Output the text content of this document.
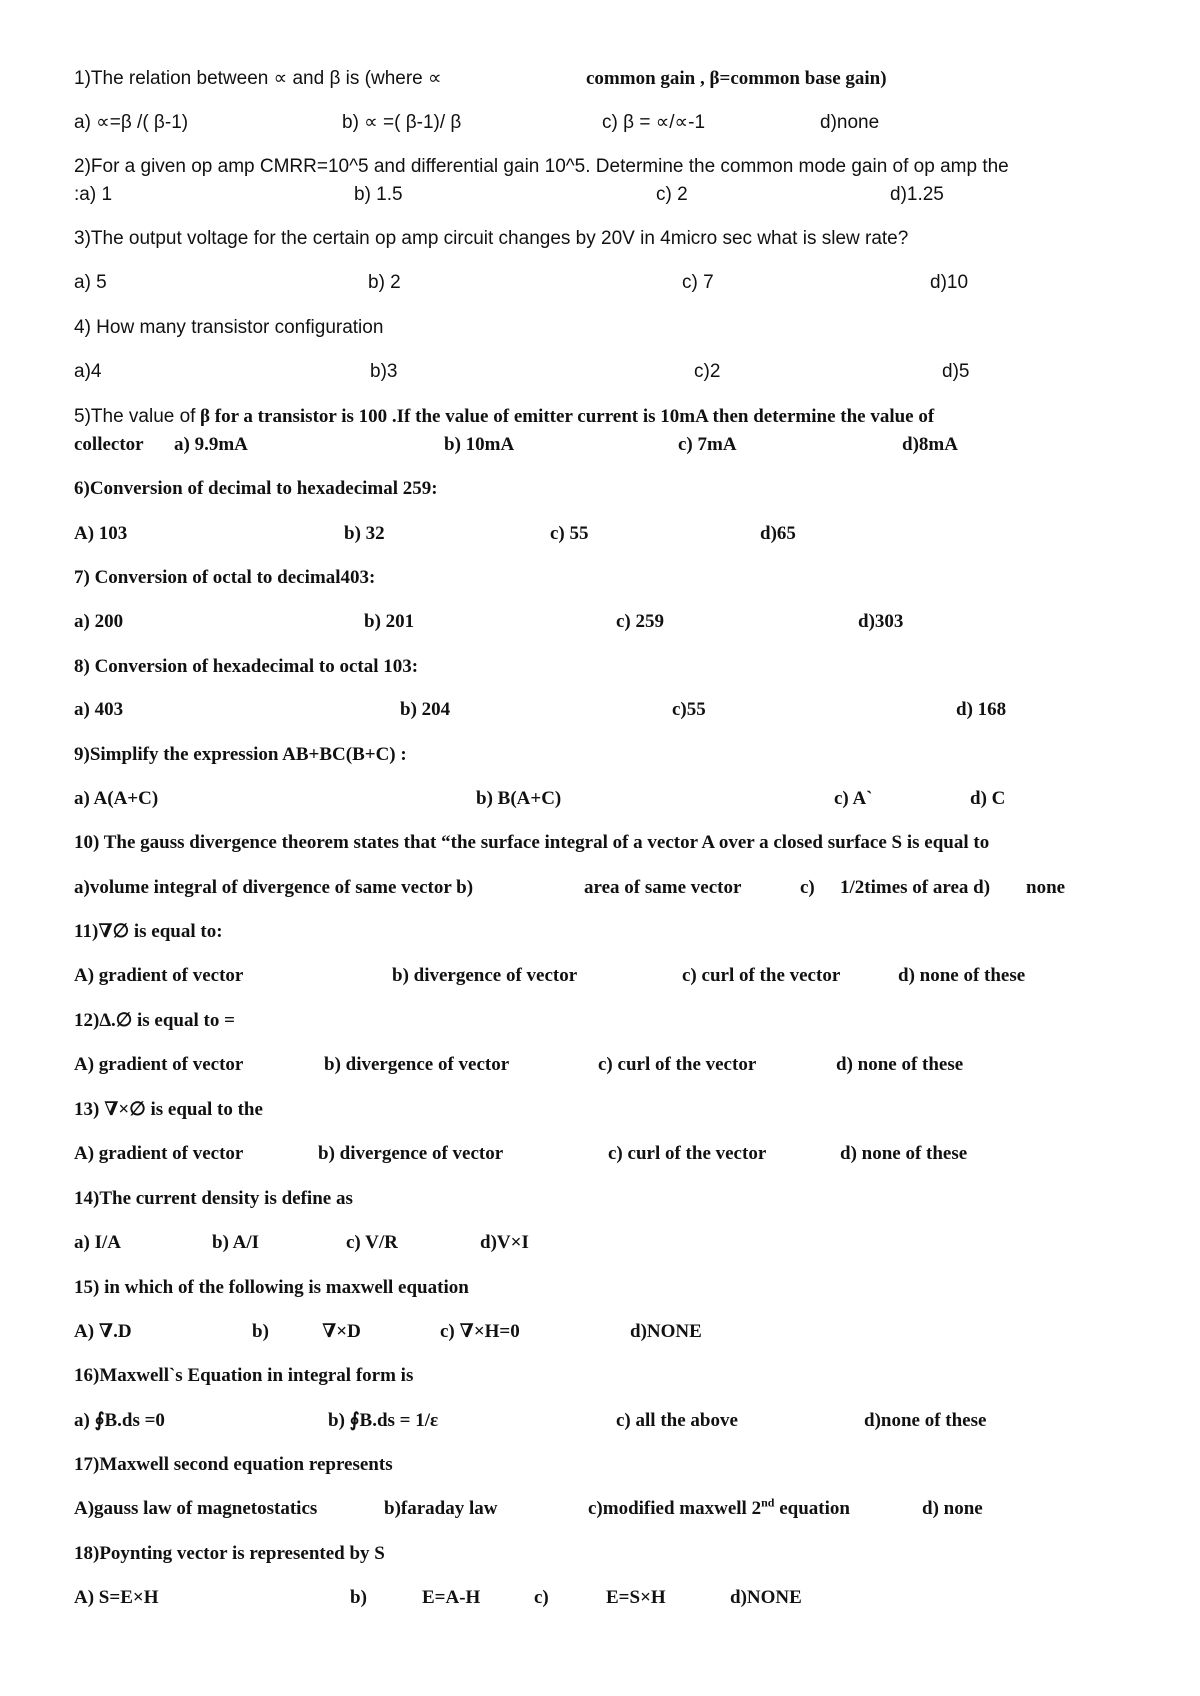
1)The relation between ∝ and β is (where ∝	common gain , β=common base gain)
a) ∝=β /( β-1)	b) ∝ =( β-1)/ β	c) β = ∝/∝-1	d)none
2)For a given op amp CMRR=10^5 and differential gain 10^5. Determine the common mode gain of op amp the
:a) 1	b) 1.5	c) 2	d)1.25
3)The output voltage for the certain op amp circuit changes by 20V in 4micro sec what is slew rate?
a) 5	b) 2	c) 7	d)10
4) How many transistor configuration
a)4	b)3	c)2	d)5
5)The value of β for a transistor is 100 .If the value of emitter current is 10mA then determine the value of
collector a) 9.9mA	b) 10mA	c) 7mA	d)8mA
6)Conversion of decimal to hexadecimal 259:
A) 103	b) 32	c) 55	d)65
7) Conversion of octal to decimal403:
a) 200	b) 201	c) 259	d)303
8) Conversion of hexadecimal to octal 103:
a) 403	b) 204	c)55	d) 168
9)Simplify the expression AB+BC(B+C) :
a) A(A+C)	b) B(A+C)	c) A`	d) C
10) The gauss divergence theorem states that “the surface integral of a vector A over a closed surface S is equal to
a)volume integral of divergence of same vector b)	area of same vector	c) 1/2times of area d) none
11)∇∅ is equal to:
A) gradient of vector	b) divergence of vector	c) curl of the vector	d) none of these
12)∆.∅ is equal to =
A) gradient of vector	b) divergence of vector	c) curl of the vector	d) none of these
13) ∇×∅ is equal to the
A) gradient of vector	b) divergence of vector	c) curl of the vector	d) none of these
14)The current density is define as
a) I/A	b) A/I	c) V/R	d)V×I
15) in which of the following is maxwell equation
A) ∇.D	b)	∇×D	c) ∇×H=0	d)NONE
16)Maxwell`s Equation in integral form is
a) ∮B.ds =0	b) ∮B.ds = 1/ε	c) all the above	d)none of these
17)Maxwell second equation represents
A)gauss law of magnetostatics	b)faraday law	c)modified maxwell 2nd equation	d) none
18)Poynting vector is represented by S
A) S=E×H	b)	E=A-H	c)	E=S×H	d)NONE
